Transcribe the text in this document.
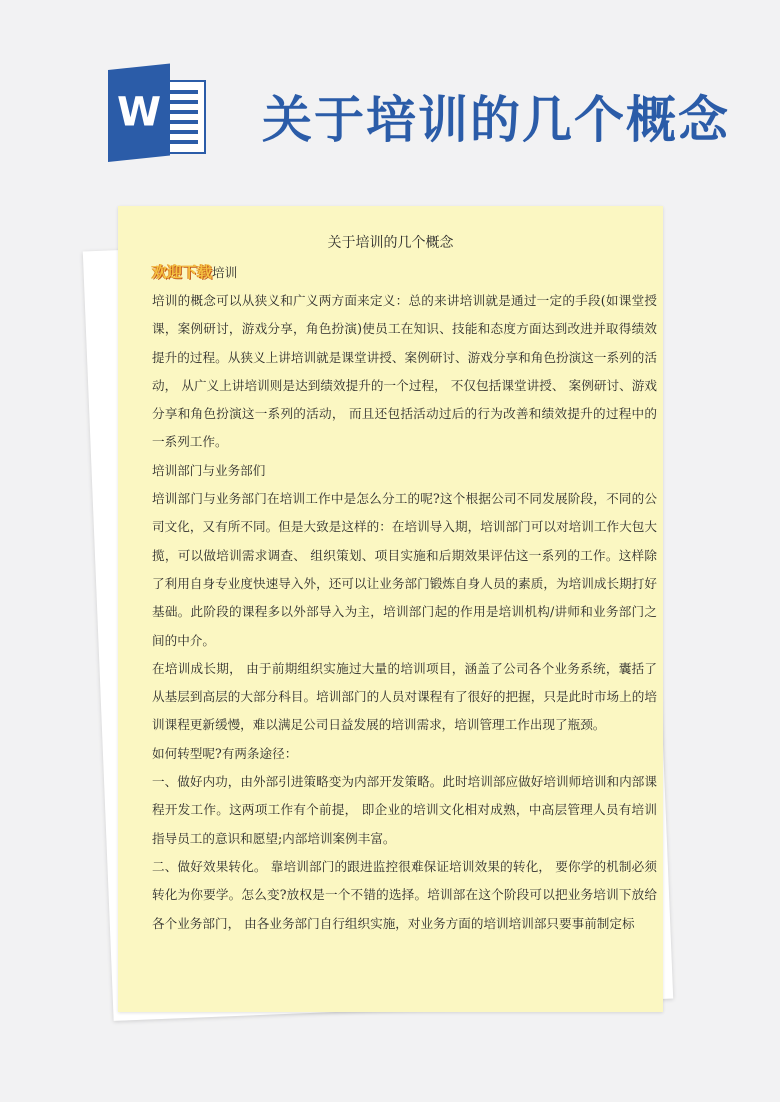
W 关于培训的几个概念
关于培训的几个概念
欢迎下载培训

培训的概念可以从狭义和广义两方面来定义：总的来讲培训就是通过一定的手段(如课堂授课，案例研讨，游戏分享，角色扮演)使员工在知识、技能和态度方面达到改进并取得绩效提升的过程。从狭义上讲培训就是课堂讲授、案例研讨、游戏分享和角色扮演这一系列的活动， 从广义上讲培训则是达到绩效提升的一个过程， 不仅包括课堂讲授、 案例研讨、游戏分享和角色扮演这一系列的活动， 而且还包括活动过后的行为改善和绩效提升的过程中的一系列工作。

培训部门与业务部们

培训部门与业务部门在培训工作中是怎么分工的呢?这个根据公司不同发展阶段，不同的公司文化，又有所不同。但是大致是这样的：在培训导入期，培训部门可以对培训工作大包大揽，可以做培训需求调查、 组织策划、项目实施和后期效果评估这一系列的工作。这样除了利用自身专业度快速导入外，还可以让业务部门锻炼自身人员的素质，为培训成长期打好基础。此阶段的课程多以外部导入为主，培训部门起的作用是培训机构/讲师和业务部门之间的中介。

在培训成长期， 由于前期组织实施过大量的培训项目，涵盖了公司各个业务系统，囊括了从基层到高层的大部分科目。培训部门的人员对课程有了很好的把握，只是此时市场上的培训课程更新缓慢，难以满足公司日益发展的培训需求，培训管理工作出现了瓶颈。

如何转型呢?有两条途径：

一、做好内功，由外部引进策略变为内部开发策略。此时培训部应做好培训师培训和内部课程开发工作。这两项工作有个前提， 即企业的培训文化相对成熟，中高层管理人员有培训指导员工的意识和愿望;内部培训案例丰富。

二、做好效果转化。 靠培训部门的跟进监控很难保证培训效果的转化， 要你学的机制必须转化为你要学。怎么变?放权是一个不错的选择。培训部在这个阶段可以把业务培训下放给各个业务部门， 由各业务部门自行组织实施，对业务方面的培训培训部只要事前制定标
